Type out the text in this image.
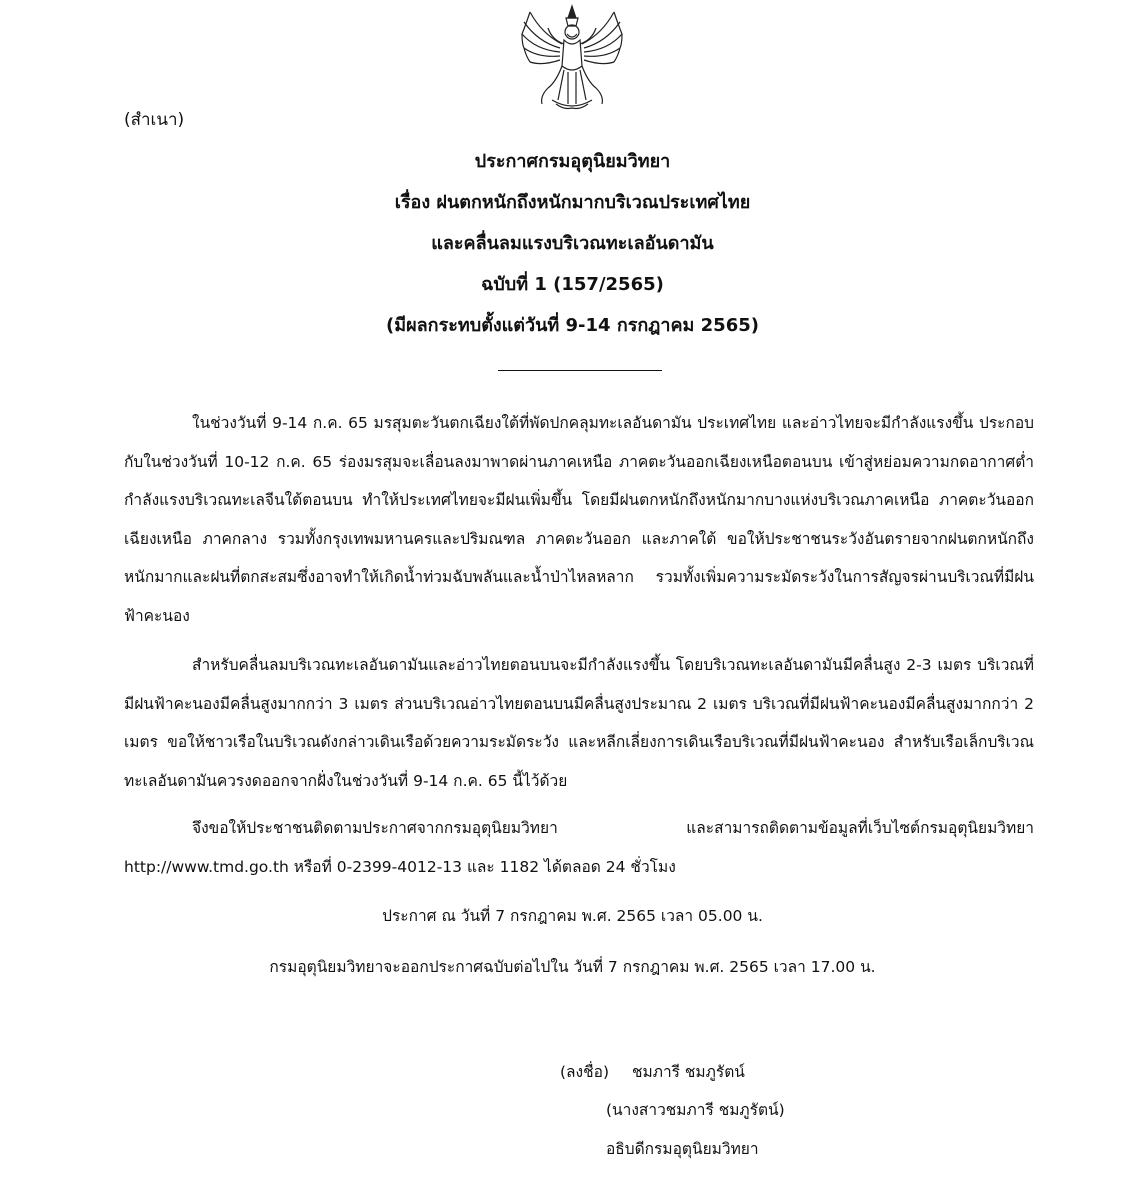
(สำเนา)
ประกาศกรมอุตุนิยมวิทยา
เรื่อง ฝนตกหนักถึงหนักมากบริเวณประเทศไทย
และคลื่นลมแรงบริเวณทะเลอันดามัน
ฉบับที่ 1 (157/2565)
(มีผลกระทบตั้งแต่วันที่ 9-14 กรกฎาคม 2565)

ในช่วงวันที่ 9-14 ก.ค. 65 มรสุมตะวันตกเฉียงใต้ที่พัดปกคลุมทะเลอันดามัน ประเทศไทย และอ่าวไทยจะมีกำลังแรงขึ้น ประกอบกับในช่วงวันที่ 10-12 ก.ค. 65 ร่องมรสุมจะเลื่อนลงมาพาดผ่านภาคเหนือ ภาคตะวันออกเฉียงเหนือตอนบน เข้าสู่หย่อมความกดอากาศต่ำกำลังแรงบริเวณทะเลจีนใต้ตอนบน ทำให้ประเทศไทยจะมีฝนเพิ่มขึ้น โดยมีฝนตกหนักถึงหนักมากบางแห่งบริเวณภาคเหนือ ภาคตะวันออกเฉียงเหนือ ภาคกลาง รวมทั้งกรุงเทพมหานครและปริมณฑล ภาคตะวันออก และภาคใต้ ขอให้ประชาชนระวังอันตรายจากฝนตกหนักถึงหนักมากและฝนที่ตกสะสมซึ่งอาจทำให้เกิดน้ำท่วมฉับพลันและน้ำป่าไหลหลาก รวมทั้งเพิ่มความระมัดระวังในการสัญจรผ่านบริเวณที่มีฝนฟ้าคะนอง

สำหรับคลื่นลมบริเวณทะเลอันดามันและอ่าวไทยตอนบนจะมีกำลังแรงขึ้น โดยบริเวณทะเลอันดามันมีคลื่นสูง 2-3 เมตร บริเวณที่มีฝนฟ้าคะนองมีคลื่นสูงมากกว่า 3 เมตร ส่วนบริเวณอ่าวไทยตอนบนมีคลื่นสูงประมาณ 2 เมตร บริเวณที่มีฝนฟ้าคะนองมีคลื่นสูงมากกว่า 2 เมตร ขอให้ชาวเรือในบริเวณดังกล่าวเดินเรือด้วยความระมัดระวัง และหลีกเลี่ยงการเดินเรือบริเวณที่มีฝนฟ้าคะนอง สำหรับเรือเล็กบริเวณทะเลอันดามันควรงดออกจากฝั่งในช่วงวันที่ 9-14 ก.ค. 65 นี้ไว้ด้วย

จึงขอให้ประชาชนติดตามประกาศจากกรมอุตุนิยมวิทยา และสามารถติดตามข้อมูลที่เว็บไซต์กรมอุตุนิยมวิทยา http://www.tmd.go.th หรือที่ 0-2399-4012-13 และ 1182 ได้ตลอด 24 ชั่วโมง

ประกาศ ณ วันที่ 7 กรกฎาคม พ.ศ. 2565 เวลา 05.00 น.
กรมอุตุนิยมวิทยาจะออกประกาศฉบับต่อไปใน วันที่ 7 กรกฎาคม พ.ศ. 2565 เวลา 17.00 น.
(ลงชื่อ) ชมภารี ชมภูรัตน์
(นางสาวชมภารี ชมภูรัตน์)
อธิบดีกรมอุตุนิยมวิทยา
